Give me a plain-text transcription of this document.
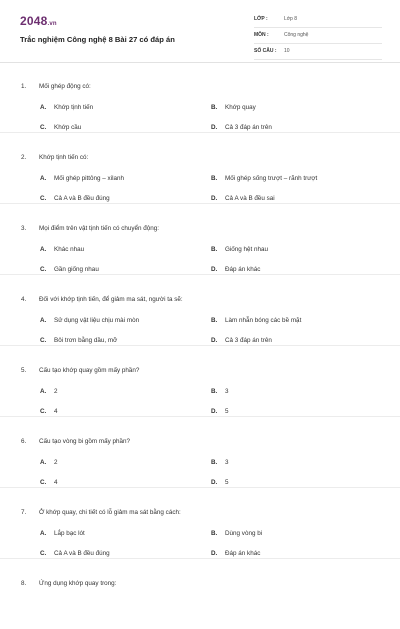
2048.vn
Trắc nghiệm Công nghệ 8 Bài 27 có đáp án
LỚP :	Lớp 8
MÔN :	Công nghệ
SỐ CÂU : 10
1. Mối ghép động có:
A. Khớp tịnh tiến	B. Khớp quay
C. Khớp cầu	D. Cả 3 đáp án trên
2. Khớp tịnh tiến có:
A. Mối ghép pittông – xilanh	B. Mối ghép sống trượt – rãnh trượt
C. Cả A và B đều đúng	D. Cả A và B đều sai
3. Mọi điểm trên vật tịnh tiến có chuyển động:
A. Khác nhau	B. Giống hệt nhau
C. Gần giống nhau	D. Đáp án khác
4. Đối với khớp tịnh tiến, để giảm ma sát, người ta sẽ:
A. Sử dụng vật liệu chịu mài mòn	B. Làm nhẵn bóng các bề mặt
C. Bôi trơn bằng dầu, mỡ	D. Cả 3 đáp án trên
5. Cấu tạo khớp quay gồm mấy phần?
A. 2	B. 3
C. 4	D. 5
6. Cấu tạo vòng bi gồm mấy phần?
A. 2	B. 3
C. 4	D. 5
7. Ở khớp quay, chi tiết có lỗ giảm ma sát bằng cách:
A. Lắp bạc lót	B. Dùng vòng bi
C. Cả A và B đều đúng	D. Đáp án khác
8. Ứng dụng khớp quay trong:
